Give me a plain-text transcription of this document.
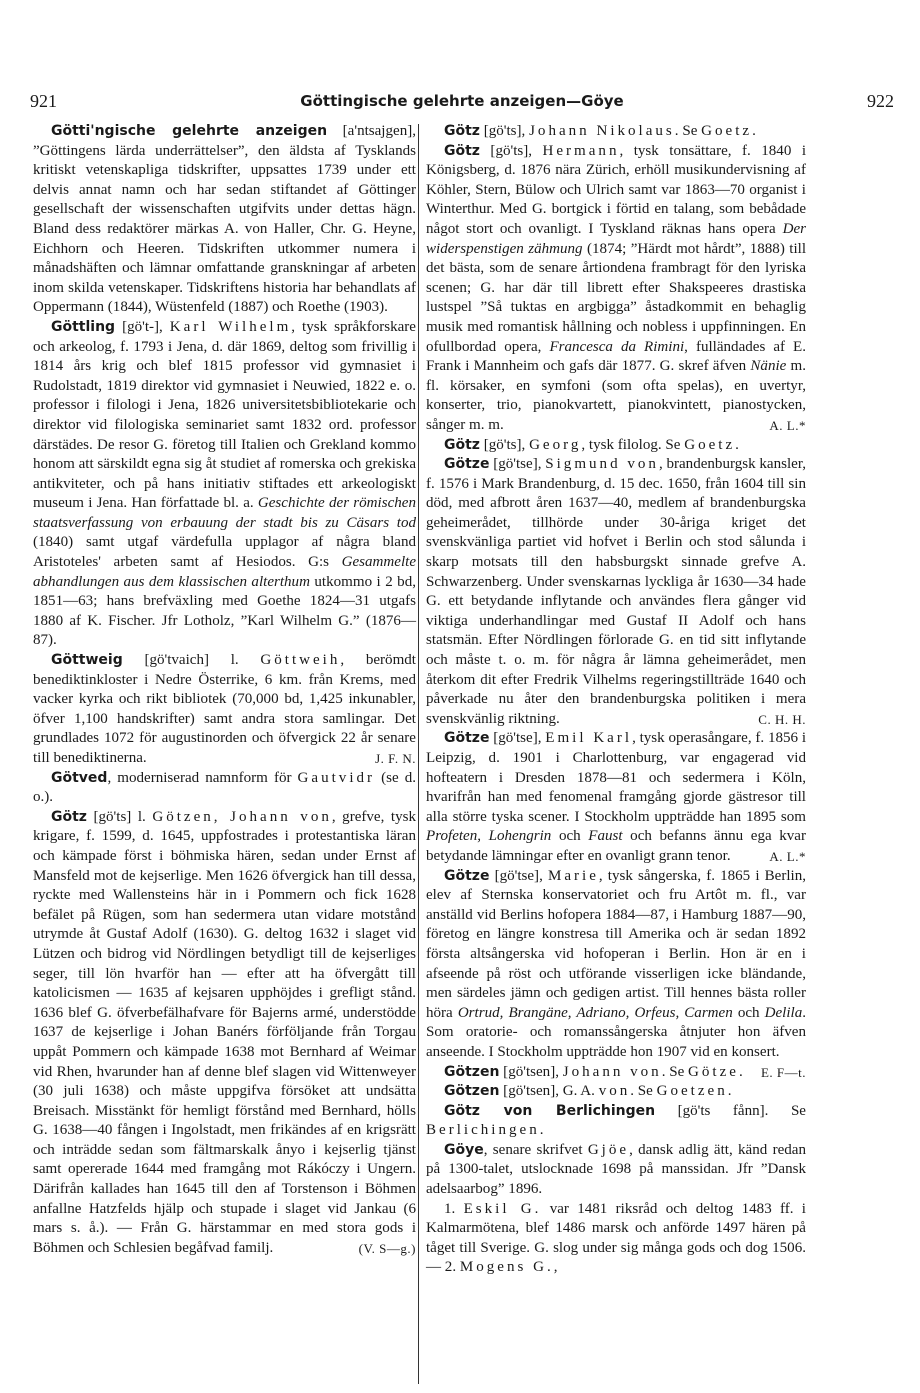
921	Göttingische gelehrte anzeigen—Göye	922

Götti'ngische gelehrte anzeigen [a'ntsajgen], ”Göttingens lärda underrättelser”, den äldsta af Tysklands kritiskt vetenskapliga tidskrifter, uppsattes 1739 under ett delvis annat namn och har sedan stiftandet af Göttinger gesellschaft der wissenschaften utgifvits under dettas hägn. Bland dess redaktörer märkas A. von Haller, Chr. G. Heyne, Eichhorn och Heeren. Tidskriften utkommer numera i månadshäften och lämnar omfattande granskningar af arbeten inom skilda vetenskaper. Tidskriftens historia har behandlats af Oppermann (1844), Wüstenfeld (1887) och Roethe (1903).

Göttling [gö't-], Karl Wilhelm, tysk språkforskare och arkeolog, f. 1793 i Jena, d. där 1869, deltog som frivillig i 1814 års krig och blef 1815 professor vid gymnasiet i Rudolstadt, 1819 direktor vid gymnasiet i Neuwied, 1822 e. o. professor i filologi i Jena, 1826 universitetsbibliotekarie och direktor vid filologiska seminariet samt 1832 ord. professor därstädes. De resor G. företog till Italien och Grekland kommo honom att särskildt egna sig åt studiet af romerska och grekiska antikviteter, och på hans initiativ stiftades ett arkeologiskt museum i Jena. Han författade bl. a. Geschichte der römischen staatsverfassung von erbauung der stadt bis zu Cäsars tod (1840) samt utgaf värdefulla upplagor af några bland Aristoteles' arbeten samt af Hesiodos. G:s Gesammelte abhandlungen aus dem klassischen alterthum utkommo i 2 bd, 1851—63; hans brefväxling med Goethe 1824—31 utgafs 1880 af K. Fischer. Jfr Lotholz, ”Karl Wilhelm G.” (1876—87).

Göttweig [gö'tvaich] l. Göttweih, berömdt benediktinkloster i Nedre Österrike, 6 km. från Krems, med vacker kyrka och rikt bibliotek (70,000 bd, 1,425 inkunabler, öfver 1,100 handskrifter) samt andra stora samlingar. Det grundlades 1072 för augustinorden och öfvergick 22 år senare till benediktinerna.	J. F. N.

Götved, moderniserad namnform för Gautvidr (se d. o.).

Götz [gö'ts] l. Götzen, Johann von, grefve, tysk krigare, f. 1599, d. 1645, uppfostrades i protestantiska läran och kämpade först i böhmiska hären, sedan under Ernst af Mansfeld mot de kejserlige. Men 1626 öfvergick han till dessa, ryckte med Wallensteins här in i Pommern och fick 1628 befälet på Rügen, som han sedermera utan vidare motstånd utrymde åt Gustaf Adolf (1630). G. deltog 1632 i slaget vid Lützen och bidrog vid Nördlingen betydligt till de kejserliges seger, till lön hvarför han — efter att ha öfvergått till katolicismen — 1635 af kejsaren upphöjdes i grefligt stånd. 1636 blef G. öfverbefälhafvare för Bajerns armé, understödde 1637 de kejserlige i Johan Banérs förföljande från Torgau uppåt Pommern och kämpade 1638 mot Bernhard af Weimar vid Rhen, hvarunder han af denne blef slagen vid Wittenweyer (30 juli 1638) och måste uppgifva försöket att undsätta Breisach. Misstänkt för hemligt förstånd med Bernhard, hölls G. 1638—40 fången i Ingolstadt, men frikändes af en krigsrätt och inträdde sedan som fältmarskalk ånyo i kejserlig tjänst samt opererade 1644 med framgång mot Rákóczy i Ungern. Därifrån kallades han 1645 till den af Torstenson i Böhmen anfallne Hatzfelds hjälp och stupade i slaget vid Jankau (6 mars s. å.). — Från G. härstammar en med stora gods i Böhmen och Schlesien begåfvad familj.	(V. S—g.)

Götz [gö'ts], Johann Nikolaus. Se Goetz.

Götz [gö'ts], Hermann, tysk tonsättare, f. 1840 i Königsberg, d. 1876 nära Zürich, erhöll musikundervisning af Köhler, Stern, Bülow och Ulrich samt var 1863—70 organist i Winterthur. Med G. bortgick i förtid en talang, som bebådade något stort och ovanligt. I Tyskland räknas hans opera Der widerspenstigen zähmung (1874; ”Härdt mot hårdt”, 1888) till det bästa, som de senare årtiondena frambragt för den lyriska scenen; G. har där till librett efter Shakspeeres drastiska lustspel ”Så tuktas en argbigga” åstadkommit en behaglig musik med romantisk hållning och nobless i uppfinningen. En ofullbordad opera, Francesca da Rimini, fulländades af E. Frank i Mannheim och gafs där 1877. G. skref äfven Nänie m. fl. körsaker, en symfoni (som ofta spelas), en uvertyr, konserter, trio, pianokvartett, pianokvintett, pianostycken, sånger m. m.	A. L.*

Götz [gö'ts], Georg, tysk filolog. Se Goetz.

Götze [gö'tse], Sigmund von, brandenburgsk kansler, f. 1576 i Mark Brandenburg, d. 15 dec. 1650, från 1604 till sin död, med afbrott åren 1637—40, medlem af brandenburgska geheimerådet, tillhörde under 30-åriga kriget det svenskvänliga partiet vid hofvet i Berlin och stod sålunda i skarp motsats till den habsburgskt sinnade grefve A. Schwarzenberg. Under svenskarnas lyckliga år 1630—34 hade G. ett betydande inflytande och användes flera gånger vid viktiga underhandlingar med Gustaf II Adolf och hans statsmän. Efter Nördlingen förlorade G. en tid sitt inflytande och måste t. o. m. för några år lämna geheimerådet, men återkom dit efter Fredrik Vilhelms regeringstillträde 1640 och påverkade nu åter den brandenburgska politiken i mera svenskvänlig riktning.	C. H. H.

Götze [gö'tse], Emil Karl, tysk operasångare, f. 1856 i Leipzig, d. 1901 i Charlottenburg, var engagerad vid hofteatern i Dresden 1878—81 och sedermera i Köln, hvarifrån han med fenomenal framgång gjorde gästresor till alla större tyska scener. I Stockholm uppträdde han 1895 som Profeten, Lohengrin och Faust och befanns ännu ega kvar betydande lämningar efter en ovanligt grann tenor.	A. L.*

Götze [gö'tse], Marie, tysk sångerska, f. 1865 i Berlin, elev af Sternska konservatoriet och fru Artôt m. fl., var anställd vid Berlins hofopera 1884—87, i Hamburg 1887—90, företog en längre konstresa till Amerika och är sedan 1892 första altsångerska vid hofoperan i Berlin. Hon är en i afseende på röst och utförande visserligen icke bländande, men särdeles jämn och gedigen artist. Till hennes bästa roller höra Ortrud, Brangäne, Adriano, Orfeus, Carmen och Delila. Som oratorie- och romanssångerska åtnjuter hon äfven anseende. I Stockholm uppträdde hon 1907 vid en konsert.
E. F—t.

Götzen [gö'tsen], Johann von. Se Götze.

Götzen [gö'tsen], G. A. von. Se Goetzen.

Götz von Berlichingen [gö'ts fånn]. Se Berlichingen.

Göye, senare skrifvet Gjöe, dansk adlig ätt, känd redan på 1300-talet, utslocknade 1698 på manssidan. Jfr ”Dansk adelsaarbog” 1896.

1. Eskil G. var 1481 riksråd och deltog 1483 ff. i Kalmarmötena, blef 1486 marsk och anförde 1497 hären på tåget till Sverige. G. slog under sig många gods och dog 1506. — 2. Mogens G.,
